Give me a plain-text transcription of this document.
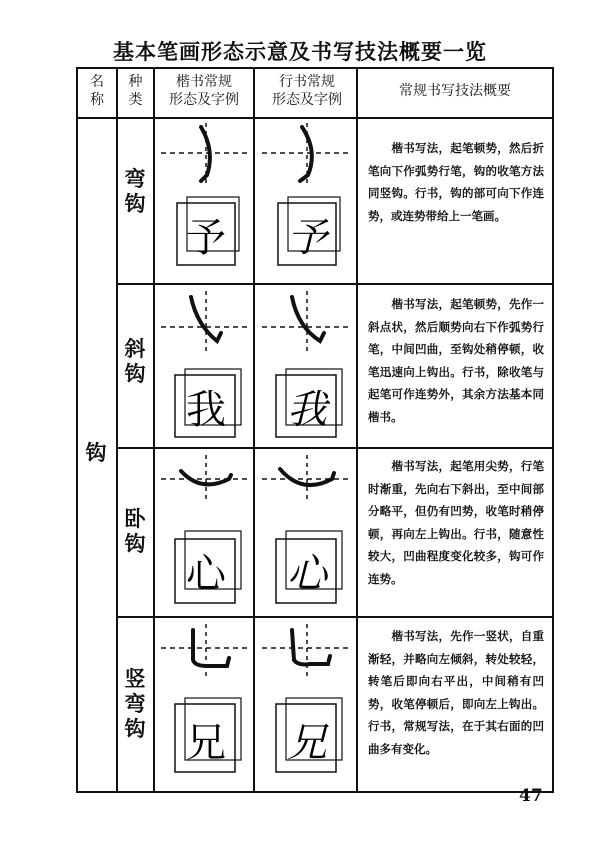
基本笔画形态示意及书写技法概要一览
名
称
种
类
楷书常规
形态及字例
行书常规
形态及字例
常规书写技法概要
钩
弯钩
予 予
　　楷书写法，起笔顿势，然后折笔向下作弧势行笔，钩的收笔方法同竖钩。行书，钩的部可向下作连势，或连势带给上一笔画。
斜钩
我 我
　　楷书写法，起笔顿势，先作一斜点状，然后顺势向右下作弧势行笔，中间凹曲，至钩处稍停顿，收笔迅速向上钩出。行书，除收笔与起笔可作连势外，其余方法基本同楷书。
卧钩
心 心
　　楷书写法，起笔用尖势，行笔时渐重，先向右下斜出，至中间部分略平，但仍有凹势，收笔时稍停顿，再向左上钩出。行书，随意性较大，凹曲程度变化较多，钩可作连势。
竖弯钩 兄 兄
　　楷书写法，先作一竖状，自重渐轻，并略向左倾斜，转处较轻，转笔后即向右平出，中间稍有凹势，收笔停顿后，即向左上钩出。行书，常规写法，在于其右面的凹曲多有变化。
47
